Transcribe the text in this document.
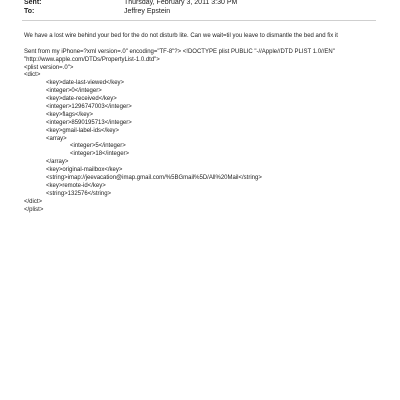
Sent:	Thursday, February 3, 2011 3:30 PM
To:	Jeffrey Epstein
We have a lost wire behind your bed for the do not disturb lite. Can we wait=til you leave to dismantle the bed and fix it
Sent from my iPhone=?xml version=.0" encoding="TF-8"?> <!DOCTYPE plist PUBLIC "-//Apple//DTD PLIST 1.0//EN"
"http://www.apple.com/DTDs/PropertyList-1.0.dtd">
<plist version=.0">
<dict>
<key>date-last-viewed</key>
<integer>0</integer>
<key>date-received</key>
<integer>1296747003</integer>
<key>flags</key>
<integer>8590195713</integer>
<key>gmail-label-ids</key>
<array>
<integer>5</integer>
<integer>18</integer>
</array>
<key>original-mailbox</key>
<string>imap://jeevacation@imap.gmail.com/%5BGmail%5D/All%20Mail</string>
<key>remote-id</key>
<string>132576</string>
</dict>
</plist>
